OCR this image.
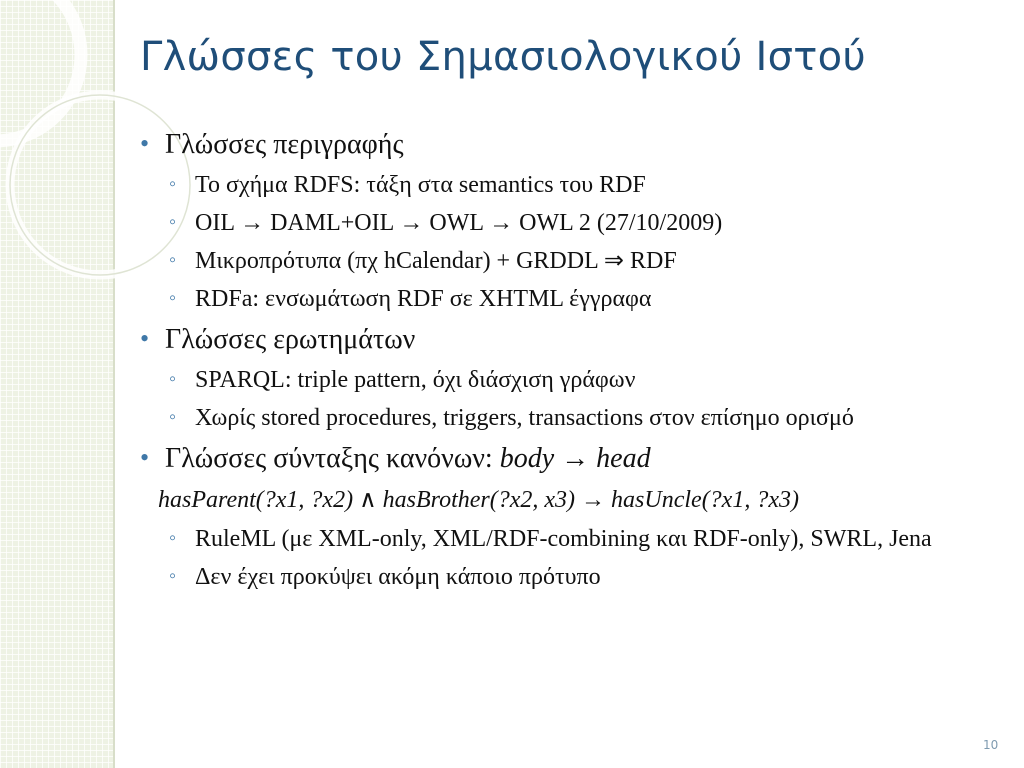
Γλώσσες του Σημασιολογικού Ιστού
• Γλώσσες περιγραφής
◦ Το σχήμα RDFS: τάξη στα semantics του RDF
◦ OIL → DAML+OIL → OWL → OWL 2 (27/10/2009)
◦ Μικροπρότυπα (πχ hCalendar) + GRDDL ⇒ RDF
◦ RDFa: ενσωμάτωση RDF σε XHTML έγγραφα
• Γλώσσες ερωτημάτων
◦ SPARQL: triple pattern, όχι διάσχιση γράφων
◦ Χωρίς stored procedures, triggers, transactions στον επίσημο ορισμό
• Γλώσσες σύνταξης κανόνων: body → head
hasParent(?x1, ?x2) ∧ hasBrother(?x2, x3) → hasUncle(?x1, ?x3)
◦ RuleML (με XML-only, XML/RDF-combining και RDF-only), SWRL, Jena
◦ Δεν έχει προκύψει ακόμη κάποιο πρότυπο
10
